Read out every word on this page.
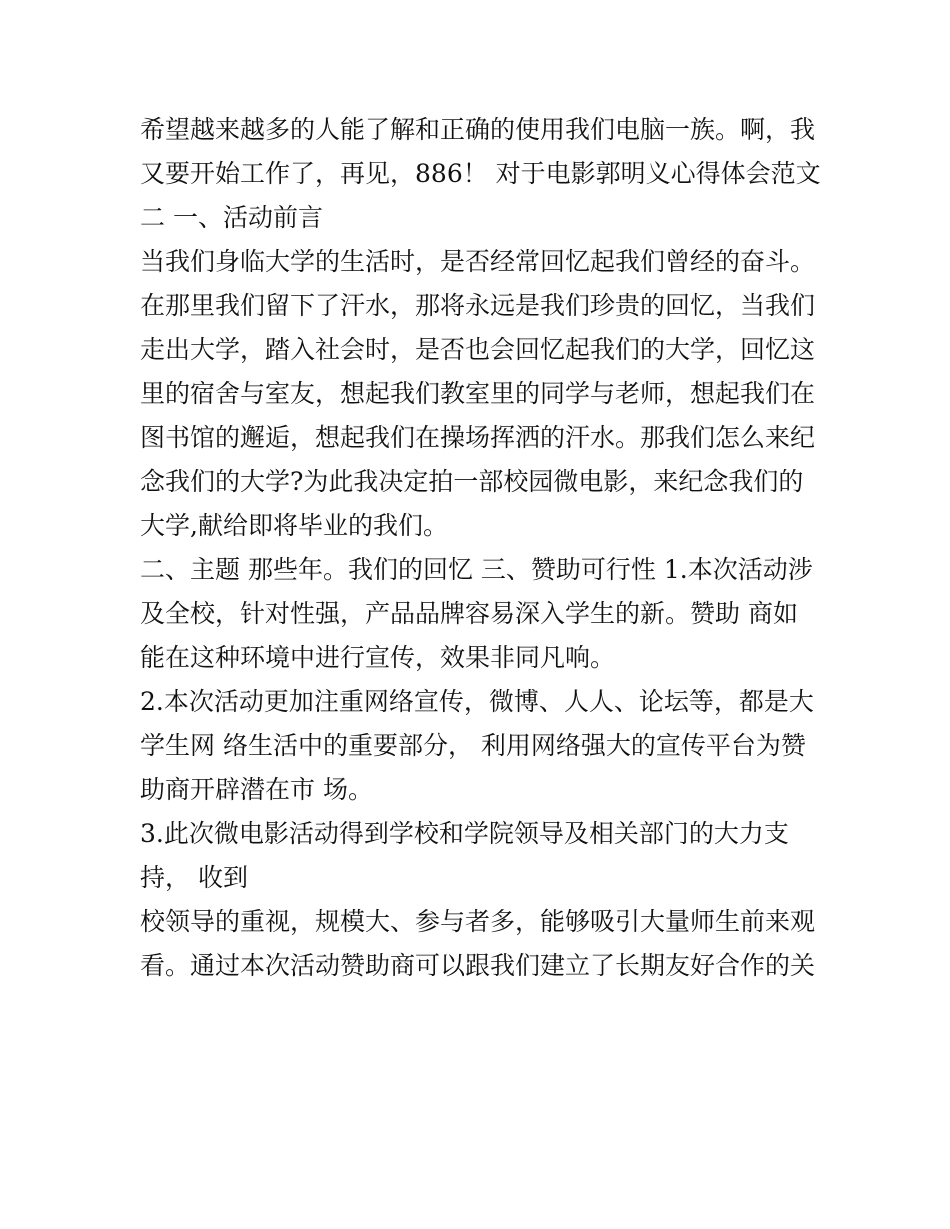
希望越来越多的人能了解和正确的使用我们电脑一族。啊，我
又要开始工作了，再见，886！ 对于电影郭明义心得体会范文
二 一、活动前言
当我们身临大学的生活时，是否经常回忆起我们曾经的奋斗。
在那里我们留下了汗水，那将永远是我们珍贵的回忆，当我们
走出大学，踏入社会时，是否也会回忆起我们的大学，回忆这
里的宿舍与室友，想起我们教室里的同学与老师，想起我们在
图书馆的邂逅，想起我们在操场挥洒的汗水。那我们怎么来纪
念我们的大学?为此我决定拍一部校园微电影，来纪念我们的
大学,献给即将毕业的我们。
二、主题 那些年。我们的回忆 三、赞助可行性 1.本次活动涉
及全校，针对性强，产品品牌容易深入学生的新。赞助 商如
能在这种环境中进行宣传，效果非同凡响。
2.本次活动更加注重网络宣传，微博、人人、论坛等，都是大
学生网 络生活中的重要部分， 利用网络强大的宣传平台为赞
助商开辟潜在市 场。
3.此次微电影活动得到学校和学院领导及相关部门的大力支
持， 收到
校领导的重视，规模大、参与者多，能够吸引大量师生前来观
看。通过本次活动赞助商可以跟我们建立了长期友好合作的关
